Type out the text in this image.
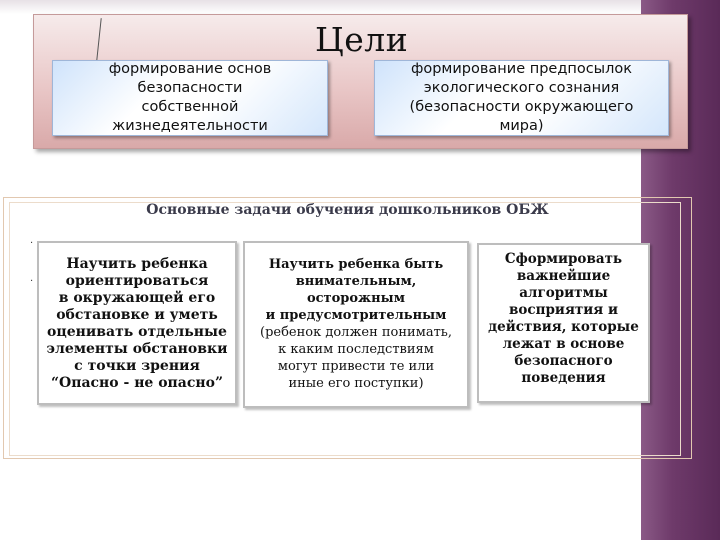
Цели
формирование основ
безопасности
собственной
жизнедеятельности
формирование предпосылок
экологического сознания
(безопасности окружающего
мира)
Основные задачи обучения дошкольников ОБЖ
·
·
Научить ребенка
ориентироваться
в окружающей его
обстановке и уметь
оценивать отдельные
элементы обстановки
с точки зрения
“Опасно - не опасно”
Научить ребенка быть
внимательным,
осторожным
и предусмотрительным
(ребенок должен понимать,
к каким последствиям
могут привести те или
иные его поступки)
Сформировать
важнейшие
алгоритмы
восприятия и
действия, которые
лежат в основе
безопасного
поведения
